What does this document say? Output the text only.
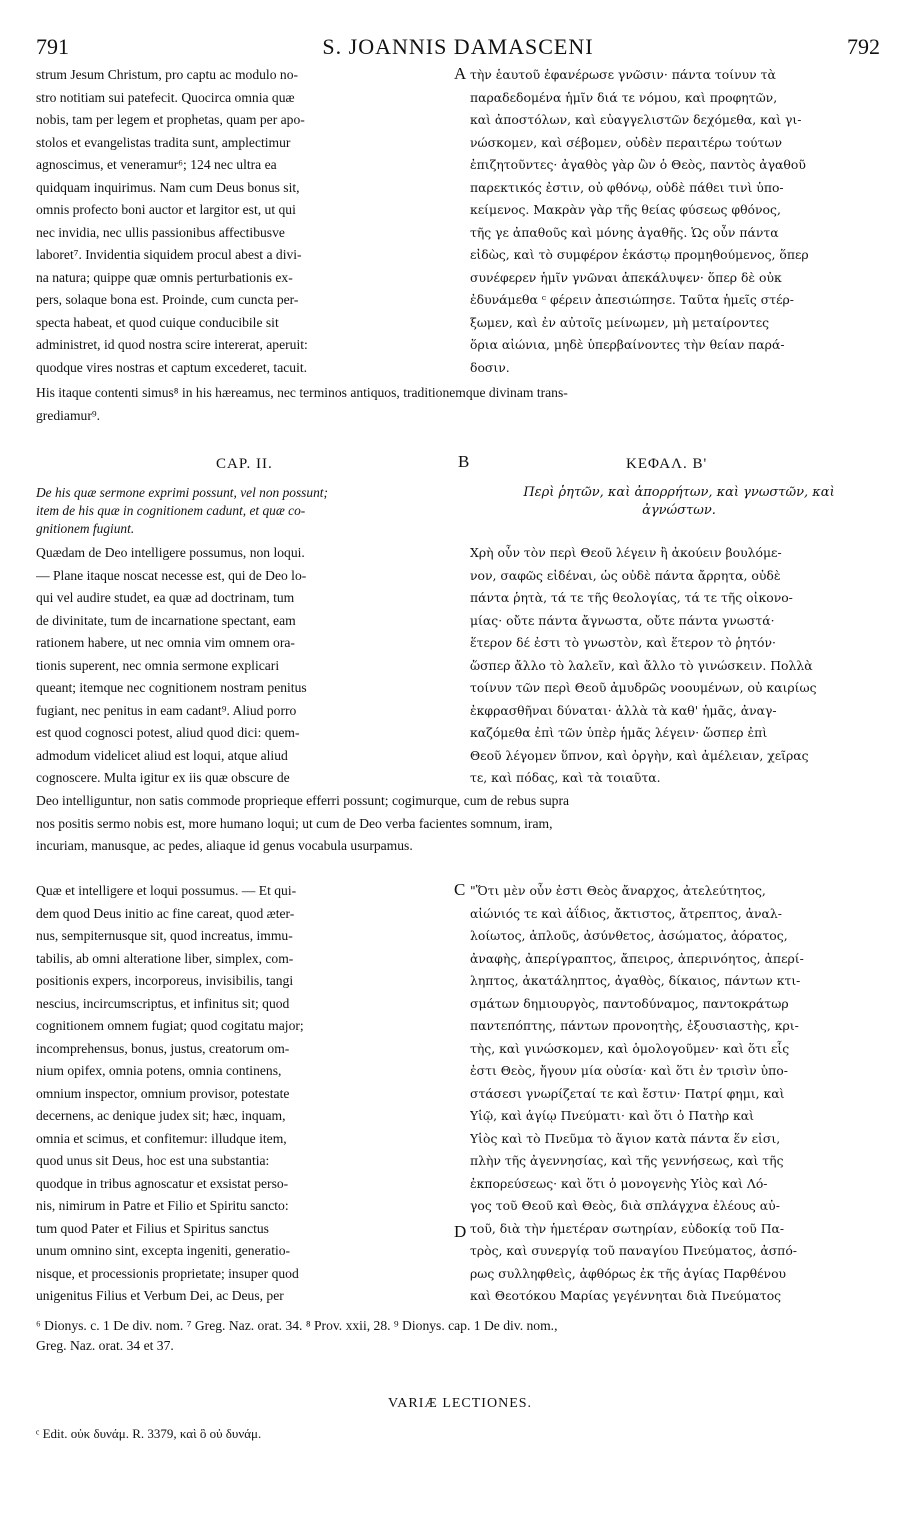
791	S. JOANNIS DAMASCENI	792
strum Jesum Christum, pro captu ac modulo no-
stro notitiam sui patefecit. Quocirca omnia quæ
nobis, tam per legem et prophetas, quam per apo-
stolos et evangelistas tradita sunt, amplectimur
agnoscimus, et veneramur⁶; 124 nec ultra ea
quidquam inquirimus. Nam cum Deus bonus sit,
omnis profecto boni auctor et largitor est, ut qui
nec invidia, nec ullis passionibus affectibusve
laboret⁷. Invidentia siquidem procul abest a divi-
na natura; quippe quæ omnis perturbationis ex-
pers, solaque bona est. Proinde, cum cuncta per-
specta habeat, et quod cuique conducibile sit
administret, id quod nostra scire intererat, aperuit:
quodque vires nostras et captum excederet, tacuit.
τὴν ἑαυτοῦ ἐφανέρωσε γνῶσιν· πάντα τοίνυν τὰ
παραδεδομένα ἡμῖν διά τε νόμου, καὶ προφητῶν,
καὶ ἀποστόλων, καὶ εὐαγγελιστῶν δεχόμεθα, καὶ γι-
νώσκομεν, καὶ σέβομεν, οὐδὲν περαιτέρω τούτων
ἐπιζητοῦντες· ἀγαθὸς γὰρ ὢν ὁ Θεὸς, παντὸς ἀγαθοῦ
παρεκτικός ἐστιν, οὐ φθόνῳ, οὐδὲ πάθει τινὶ ὑπο-
κείμενος. Μακρὰν γὰρ τῆς θείας φύσεως φθόνος,
τῆς γε ἀπαθοῦς καὶ μόνης ἀγαθῆς. Ὡς οὖν πάντα
εἰδὼς, καὶ τὸ συμφέρον ἑκάστῳ προμηθούμενος, ὅπερ
συνέφερεν ἡμῖν γνῶναι ἀπεκάλυψεν· ὅπερ δὲ οὐκ
ἐδυνάμεθα ᶜ φέρειν ἀπεσιώπησε. Ταῦτα ἡμεῖς στέρ-
ξωμεν, καὶ ἐν αὐτοῖς μείνωμεν, μὴ μεταίροντες
ὅρια αἰώνια, μηδὲ ὑπερβαίνοντες τὴν θείαν παρά-
δοσιν.
A
His itaque contenti simus⁸ in his hæreamus, nec terminos antiquos, traditionemque divinam trans-
grediamur⁹.
CAP. II.	B	ΚΕΦΑΛ. Β'
De his quæ sermone exprimi possunt, vel non possunt;
item de his quæ in cognitionem cadunt, et quæ co-
gnitionem fugiunt.
Περὶ ῥητῶν, καὶ ἀπορρήτων, καὶ γνωστῶν, καὶ
ἀγνώστων.
Quædam de Deo intelligere possumus, non loqui.
— Plane itaque noscat necesse est, qui de Deo lo-
qui vel audire studet, ea quæ ad doctrinam, tum
de divinitate, tum de incarnatione spectant, eam
rationem habere, ut nec omnia vim omnem ora-
tionis superent, nec omnia sermone explicari
queant; itemque nec cognitionem nostram penitus
fugiant, nec penitus in eam cadant⁹. Aliud porro
est quod cognosci potest, aliud quod dici: quem-
admodum videlicet aliud est loqui, atque aliud
cognoscere. Multa igitur ex iis quæ obscure de
Χρὴ οὖν τὸν περὶ Θεοῦ λέγειν ἢ ἀκούειν βουλόμε-
νον, σαφῶς εἰδέναι, ὡς οὐδὲ πάντα ἄρρητα, οὐδὲ
πάντα ῥητὰ, τά τε τῆς θεολογίας, τά τε τῆς οἰκονο-
μίας· οὔτε πάντα ἄγνωστα, οὔτε πάντα γνωστά·
ἕτερον δέ ἐστι τὸ γνωστὸν, καὶ ἕτερον τὸ ῥητόν·
ὥσπερ ἄλλο τὸ λαλεῖν, καὶ ἄλλο τὸ γινώσκειν. Πολλὰ
τοίνυν τῶν περὶ Θεοῦ ἀμυδρῶς νοουμένων, οὐ καιρίως
ἐκφρασθῆναι δύναται· ἀλλὰ τὰ καθ' ἡμᾶς, ἀναγ-
καζόμεθα ἐπὶ τῶν ὑπὲρ ἡμᾶς λέγειν· ὥσπερ ἐπὶ
Θεοῦ λέγομεν ὕπνον, καὶ ὀργὴν, καὶ ἀμέλειαν, χεῖρας
τε, καὶ πόδας, καὶ τὰ τοιαῦτα.
Deo intelliguntur, non satis commode proprieque efferri possunt; cogimurque, cum de rebus supra
nos positis sermo nobis est, more humano loqui; ut cum de Deo verba facientes somnum, iram,
incuriam, manusque, ac pedes, aliaque id genus vocabula usurpamus.
Quæ et intelligere et loqui possumus. — Et qui-
dem quod Deus initio ac fine careat, quod æter-
nus, sempiternusque sit, quod increatus, immu-
tabilis, ab omni alteratione liber, simplex, com-
positionis expers, incorporeus, invisibilis, tangi
nescius, incircumscriptus, et infinitus sit; quod
cognitionem omnem fugiat; quod cogitatu major;
incomprehensus, bonus, justus, creatorum om-
nium opifex, omnia potens, omnia continens,
omnium inspector, omnium provisor, potestate
decernens, ac denique judex sit; hæc, inquam,
omnia et scimus, et confitemur: illudque item,
quod unus sit Deus, hoc est una substantia:
quodque in tribus agnoscatur et exsistat perso-
nis, nimirum in Patre et Filio et Spiritu sancto:
tum quod Pater et Filius et Spiritus sanctus
unum omnino sint, excepta ingeniti, generatio-
nisque, et processionis proprietate; insuper quod
unigenitus Filius et Verbum Dei, ac Deus, per
"Ὅτι μὲν οὖν ἐστι Θεὸς ἄναρχος, ἀτελεύτητος,
αἰώνιός τε καὶ ἀΐδιος, ἄκτιστος, ἄτρεπτος, ἀναλ-
λοίωτος, ἁπλοῦς, ἀσύνθετος, ἀσώματος, ἀόρατος,
ἀναφὴς, ἀπερίγραπτος, ἄπειρος, ἀπερινόητος, ἀπερί-
ληπτος, ἀκατάληπτος, ἀγαθὸς, δίκαιος, πάντων κτι-
σμάτων δημιουργὸς, παντοδύναμος, παντοκράτωρ
παντεπόπτης, πάντων προνοητὴς, ἐξουσιαστὴς, κρι-
τὴς, καὶ γινώσκομεν, καὶ ὁμολογοῦμεν· καὶ ὅτι εἷς
ἐστι Θεὸς, ἤγουν μία οὐσία· καὶ ὅτι ἐν τρισὶν ὑπο-
στάσεσι γνωρίζεταί τε καὶ ἔστιν· Πατρί φημι, καὶ
Υἱῷ, καὶ ἁγίῳ Πνεύματι· καὶ ὅτι ὁ Πατὴρ καὶ
Υἱὸς καὶ τὸ Πνεῦμα τὸ ἅγιον κατὰ πάντα ἕν εἰσι,
πλὴν τῆς ἀγεννησίας, καὶ τῆς γεννήσεως, καὶ τῆς
ἐκπορεύσεως· καὶ ὅτι ὁ μονογενὴς Υἱὸς καὶ Λό-
γος τοῦ Θεοῦ καὶ Θεὸς, διὰ σπλάγχνα ἐλέους αὐ-
τοῦ, διὰ τὴν ἡμετέραν σωτηρίαν, εὐδοκίᾳ τοῦ Πα-
τρὸς, καὶ συνεργίᾳ τοῦ παναγίου Πνεύματος, ἀσπό-
ρως συλληφθεὶς, ἀφθόρως ἐκ τῆς ἁγίας Παρθένου
καὶ Θεοτόκου Μαρίας γεγέννηται διὰ Πνεύματος
C
D
⁶ Dionys. c. 1 De div. nom. ⁷ Greg. Naz. orat. 34. ⁸ Prov. xxii, 28. ⁹ Dionys. cap. 1 De div. nom.,
Greg. Naz. orat. 34 et 37.
VARIÆ LECTIONES.
ᶜ Edit. οὐκ δυνάμ. R. 3379, καὶ ὃ οὐ δυνάμ.
